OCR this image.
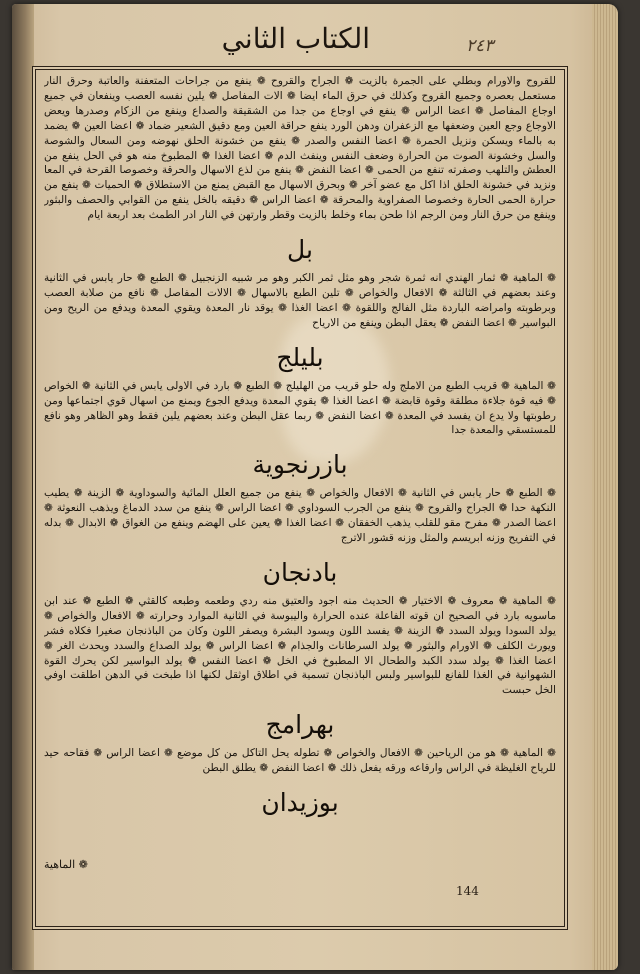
الكتاب الثاني	٢٤٣

للقروح والاورام وبطلي على الجمرة بالزيت ❁ الجراح والقروح ❁ ينفع من جراحات المتعفنة والعاتبة وحرق النار مستعمل بعصره وجميع القروح وكذلك في حرق الماء ايضا ❁ الات المفاصل ❁ يلين نفسه العصب وينفعان في جميع اوجاع المفاصل ❁ اعضا الراس ❁ ينفع في اوجاع من جدا من الشقيقة والصداع وينفع من الزكام وصدرها ويعض الاوجاع وجع العين وضعفها مع الزعفران ودهن الورد ينفع حراقة العين ومع دقيق الشعير ضماد ❁ اعضا العين ❁ يضمد به بالماء ويسكن ونزيل الحمرة ❁ اعضا النفس والصدر ❁ ينفع من خشونة الحلق نهوضه ومن السعال والشوصة والسل وخشونة الصوت من الحرارة وضعف النفس وينفث الدم ❁ اعضا الغذا ❁ المطبوخ منه هو في الحل ينفع من العطش والتلهب وصفرته تنفع من الحمى ❁ اعضا النفض ❁ ينفع من لذع الاسهال والحرقة وخصوصا القرحة في المعا ونزيد في خشونة الحلق اذا اكل مع عضو آخر ❁ وبحرق الاسهال مع القبض يمنع من الاستطلاق ❁ الحميات ❁ ينفع من حرارة الحمى الحارة وخصوصا الصفراوية والمحرقة ❁ اعضا الراس ❁ دقيقه بالخل ينفع من القوابي والحصف والبثور وينفع من حرق النار ومن الرجم اذا طحن بماء وخلط بالزيت وقطر وارتهن في النار ادر الطمث بعد اربعة ايام

بل

❁ الماهية ❁ ثمار الهندي انه ثمرة شجر وهو مثل ثمر الكبر وهو مر شبيه الزنجبيل ❁ الطبع ❁ حار يابس في الثانية وعند بعضهم في الثالثة ❁ الافعال والخواص ❁ تلين الطبع بالاسهال ❁ الالات المفاصل ❁ نافع من صلابة العصب وبرطوبته وامراضه الباردة مثل الفالج واللقوة ❁ اعضا الغذا ❁ يوقد نار المعدة ويقوي المعدة ويدفع من الريح ومن البواسير ❁ اعضا النفض ❁ يعقل البطن وينفع من الارياح

بليلج

❁ الماهية ❁ قريب الطبع من الاملج وله حلو قريب من الهليلج ❁ الطبع ❁ بارد في الاولى يابس في الثانية ❁ الخواص ❁ فيه قوة جلاءة مطلقة وقوة قابضة ❁ اعضا الغذا ❁ يقوي المعدة ويدفع الجوع ويمنع من اسهال قوي اجتماعها ومن رطوبتها ولا يدع ان يفسد في المعدة ❁ اعضا النفض ❁ ربما عقل البطن وعند بعضهم يلين فقط وهو الظاهر وهو نافع للمستسقي والمعدة جدا

بازرنجوية

❁ الطبع ❁ حار يابس في الثانية ❁ الافعال والخواص ❁ ينفع من جميع العلل المائية والسوداوية ❁ الزينة ❁ يطيب النكهة حدا ❁ الجراح والقروح ❁ ينفع من الجرب السوداوي ❁ اعضا الراس ❁ ينفع من سدد الدماغ ويذهب النعوثة ❁ اعضا الصدر ❁ مفرح مقو للقلب يذهب الخفقان ❁ اعضا الغذا ❁ يعين على الهضم وينفع من الغواق ❁ الابدال ❁ بدله في التفريح وزنه ابريسم والمثل وزنه قشور الاترج

بادنجان

❁ الماهية ❁ معروف ❁ الاختيار ❁ الحديث منه اجود والعتيق منه ردي وطعمه وطبعه كالقثي ❁ الطبع ❁ عند ابن ماسويه بارد في الصحيح ان قوته الفاعلة عنده الحرارة واليبوسة في الثانية الموارد وحرارته ❁ الافعال والخواص ❁ يولد السودا ويولد السدد ❁ الزينة ❁ يفسد اللون ويسود البشرة ويصفر اللون وكان من الباذنجان صغيرا فكلاه فشر ويورث الكلف ❁ الاورام والبثور ❁ يولد السرطانات والجذام ❁ اعضا الراس ❁ يولد الصداع والسدد ويحدث الغر ❁ اعضا الغذا ❁ يولد سدد الكبد والطحال الا المطبوخ في الخل ❁ اعضا النفس ❁ يولد البواسير لكن يحرك القوة الشهوانية في الغذا للفانع للبواسير ولبس الباذنجان تسمية في اطلاق اوثقل لكنها اذا طبخت في الدهن اطلقت اوفي الخل حبست

بهرامج

❁ الماهية ❁ هو من الرياحين ❁ الافعال والخواص ❁ تطوله يحل التاكل من كل موضع ❁ اعضا الراس ❁ فقاحه حيد للرياح الغليظة في الراس وارقاعه ورقه يفعل ذلك ❁ اعضا النفض ❁ يطلق البطن

بوزيدان
❁ الماهية
144
